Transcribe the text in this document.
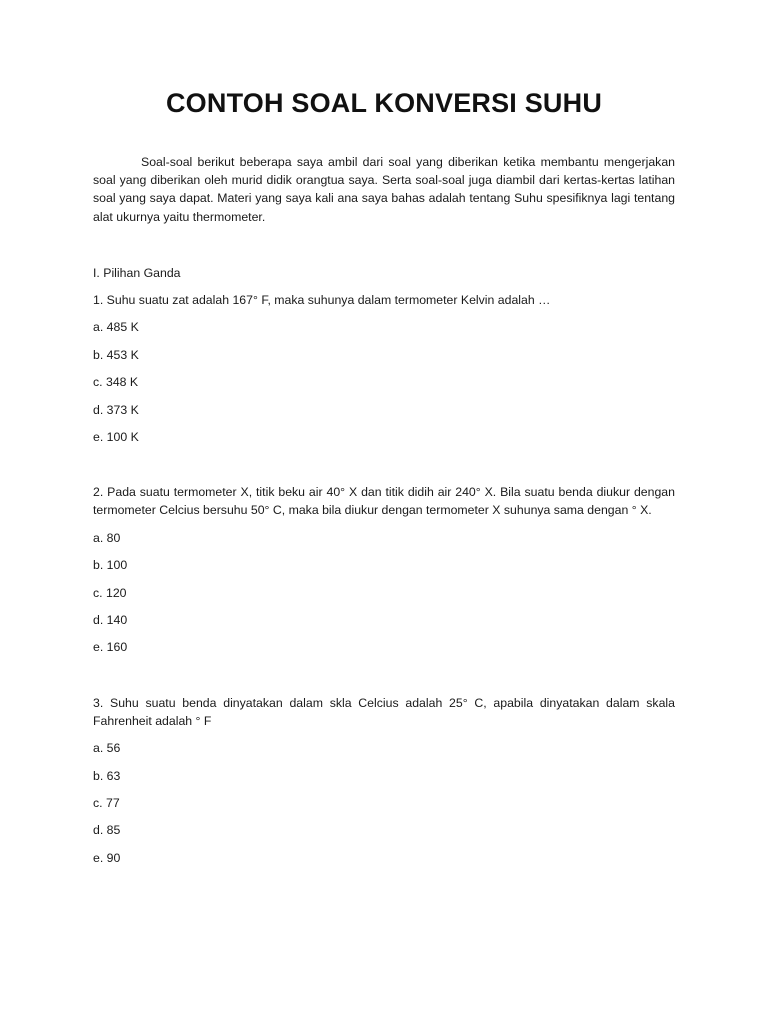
CONTOH SOAL KONVERSI SUHU

Soal-soal berikut beberapa saya ambil dari soal yang diberikan ketika membantu mengerjakan soal yang diberikan oleh murid didik orangtua saya. Serta soal-soal juga diambil dari kertas-kertas latihan soal yang saya dapat. Materi yang saya kali ana saya bahas adalah tentang Suhu spesifiknya lagi tentang alat ukurnya yaitu thermometer.

I. Pilihan Ganda

1. Suhu suatu zat adalah 167° F, maka suhunya dalam termometer Kelvin adalah …

a. 485 K

b. 453 K

c. 348 K

d. 373 K

e. 100 K

2. Pada suatu termometer X, titik beku air 40° X dan titik didih air 240° X. Bila suatu benda diukur dengan termometer Celcius bersuhu 50° C, maka bila diukur dengan termometer X suhunya sama dengan ° X.

a. 80

b. 100

c. 120

d. 140

e. 160

3. Suhu suatu benda dinyatakan dalam skla Celcius adalah 25° C, apabila dinyatakan dalam skala Fahrenheit adalah ° F

a. 56

b. 63

c. 77

d. 85

e. 90
